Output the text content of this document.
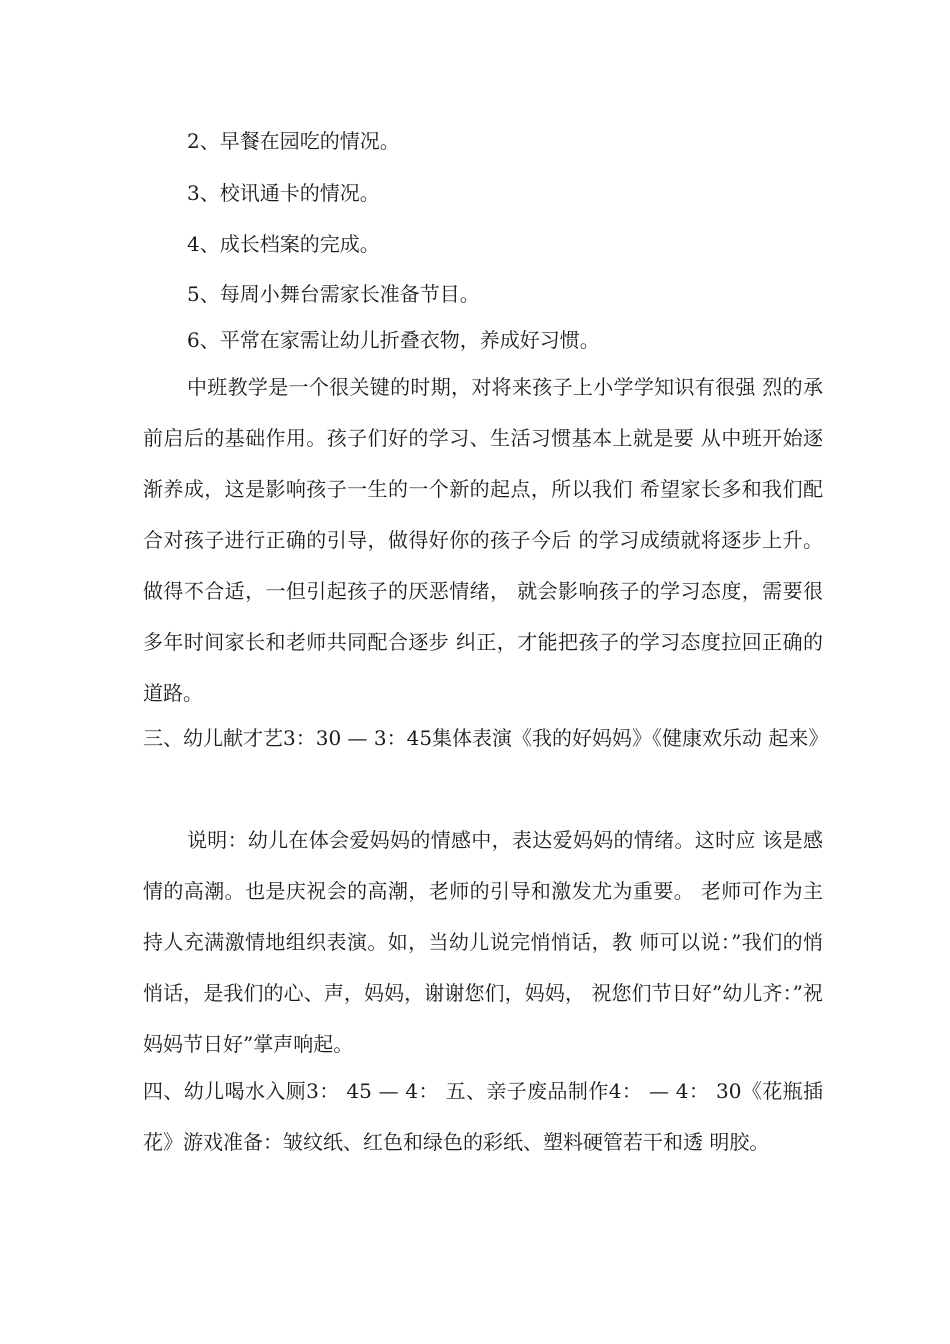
2、早餐在园吃的情况。
3、校讯通卡的情况。
4、成长档案的完成。
5、每周小舞台需家长准备节目。
6、平常在家需让幼儿折叠衣物，养成好习惯。
中班教学是一个很关键的时期，对将来孩子上小学学知识有很强 烈的承前启后的基础作用。孩子们好的学习、生活习惯基本上就是要 从中班开始逐渐养成，这是影响孩子一生的一个新的起点，所以我们 希望家长多和我们配合对孩子进行正确的引导，做得好你的孩子今后 的学习成绩就将逐步上升。做得不合适，一但引起孩子的厌恶情绪， 就会影响孩子的学习态度，需要很多年时间家长和老师共同配合逐步 纠正，才能把孩子的学习态度拉回正确的道路。
三、幼儿献才艺3：30 — 3：45集体表演《我的好妈妈》《健康欢乐动 起来》
说明：幼儿在体会爱妈妈的情感中，表达爱妈妈的情绪。这时应 该是感情的高潮。也是庆祝会的高潮，老师的引导和激发尤为重要。 老师可作为主持人充满激情地组织表演。如，当幼儿说完悄悄话，教 师可以说：”我们的悄悄话，是我们的心、声，妈妈，谢谢您们，妈妈， 祝您们节日好”幼儿齐：”祝妈妈节日好”掌声响起。
四、幼儿喝水入厕3： 45 — 4： 五、亲子废品制作4： — 4： 30《花瓶插花》游戏准备：皱纹纸、红色和绿色的彩纸、塑料硬管若干和透 明胶。
